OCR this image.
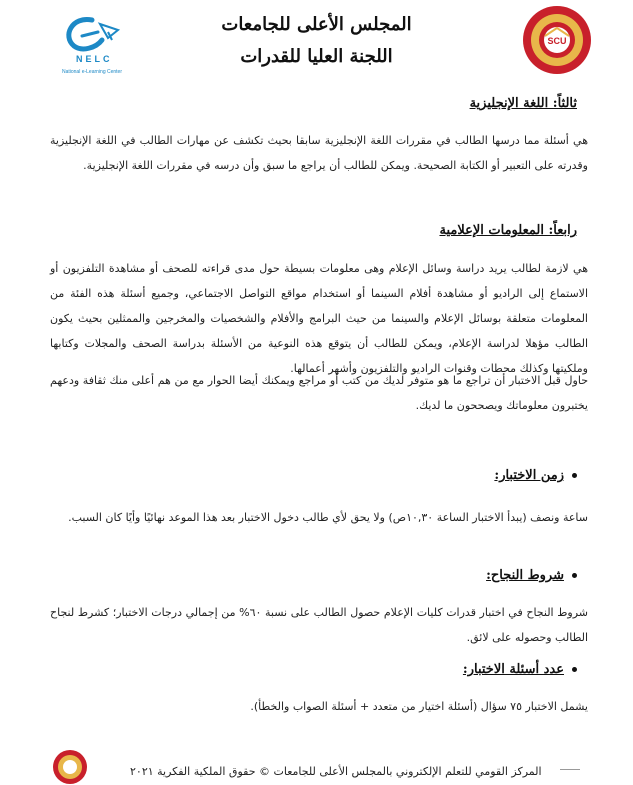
SCU
المجلس الأعلى للجامعات
اللجنة العليا للقدرات
NELC
National e-Learning Center
ثالثاً: اللغة الإنجليزية
هي أسئلة مما درسها الطالب في مقررات اللغة الإنجليزية سابقا بحيث تكشف عن مهارات الطالب في اللغة الإنجليزية وقدرته على التعبير أو الكتابة الصحيحة. ويمكن للطالب أن يراجع ما سبق وأن درسه في مقررات اللغة الإنجليزية.
رابعاً: المعلومات الإعلامية
هي لازمة لطالب يريد دراسة وسائل الإعلام وهى معلومات بسيطة حول مدى قراءته للصحف أو مشاهدة التلفزيون أو الاستماع إلى الراديو أو مشاهدة أفلام السينما أو استخدام مواقع التواصل الاجتماعي، وجميع أسئلة هذه الفئة من المعلومات متعلقة بوسائل الإعلام والسينما من حيث البرامج والأفلام والشخصيات والمخرجين والممثلين بحيث يكون الطالب مؤهلا لدراسة الإعلام، ويمكن للطالب أن يتوقع هذه النوعية من الأسئلة بدراسة الصحف والمجلات وكتابها وملكيتها وكذلك محطات وقنوات الراديو والتلفزيون وأشهر أعمالها.
حاول قبل الاختبار أن تراجع ما هو متوفر لديك من كتب أو مراجع ويمكنك أيضا الحوار مع من هم أعلى منك ثقافة ودعهم يختبرون معلوماتك ويصححون ما لديك.
زمن الاختبار:
ساعة ونصف (يبدأ الاختبار الساعة ١٠,٣٠ص) ولا يحق لأي طالب دخول الاختبار بعد هذا الموعد نهائيًا وأيًا كان السبب.
شروط النجاح:
شروط النجاح في اختبار قدرات كليات الإعلام حصول الطالب على نسبة ٦٠% من إجمالي درجات الاختبار؛ كشرط لنجاح الطالب وحصوله على لائق.
عدد أسئلة الاختبار:
يشمل الاختبار ٧٥ سؤال (أسئلة اختيار من متعدد + أسئلة الصواب والخطأ).
المركز القومي للتعلم الإلكتروني بالمجلس الأعلى للجامعات © حقوق الملكية الفكرية ٢٠٢١
